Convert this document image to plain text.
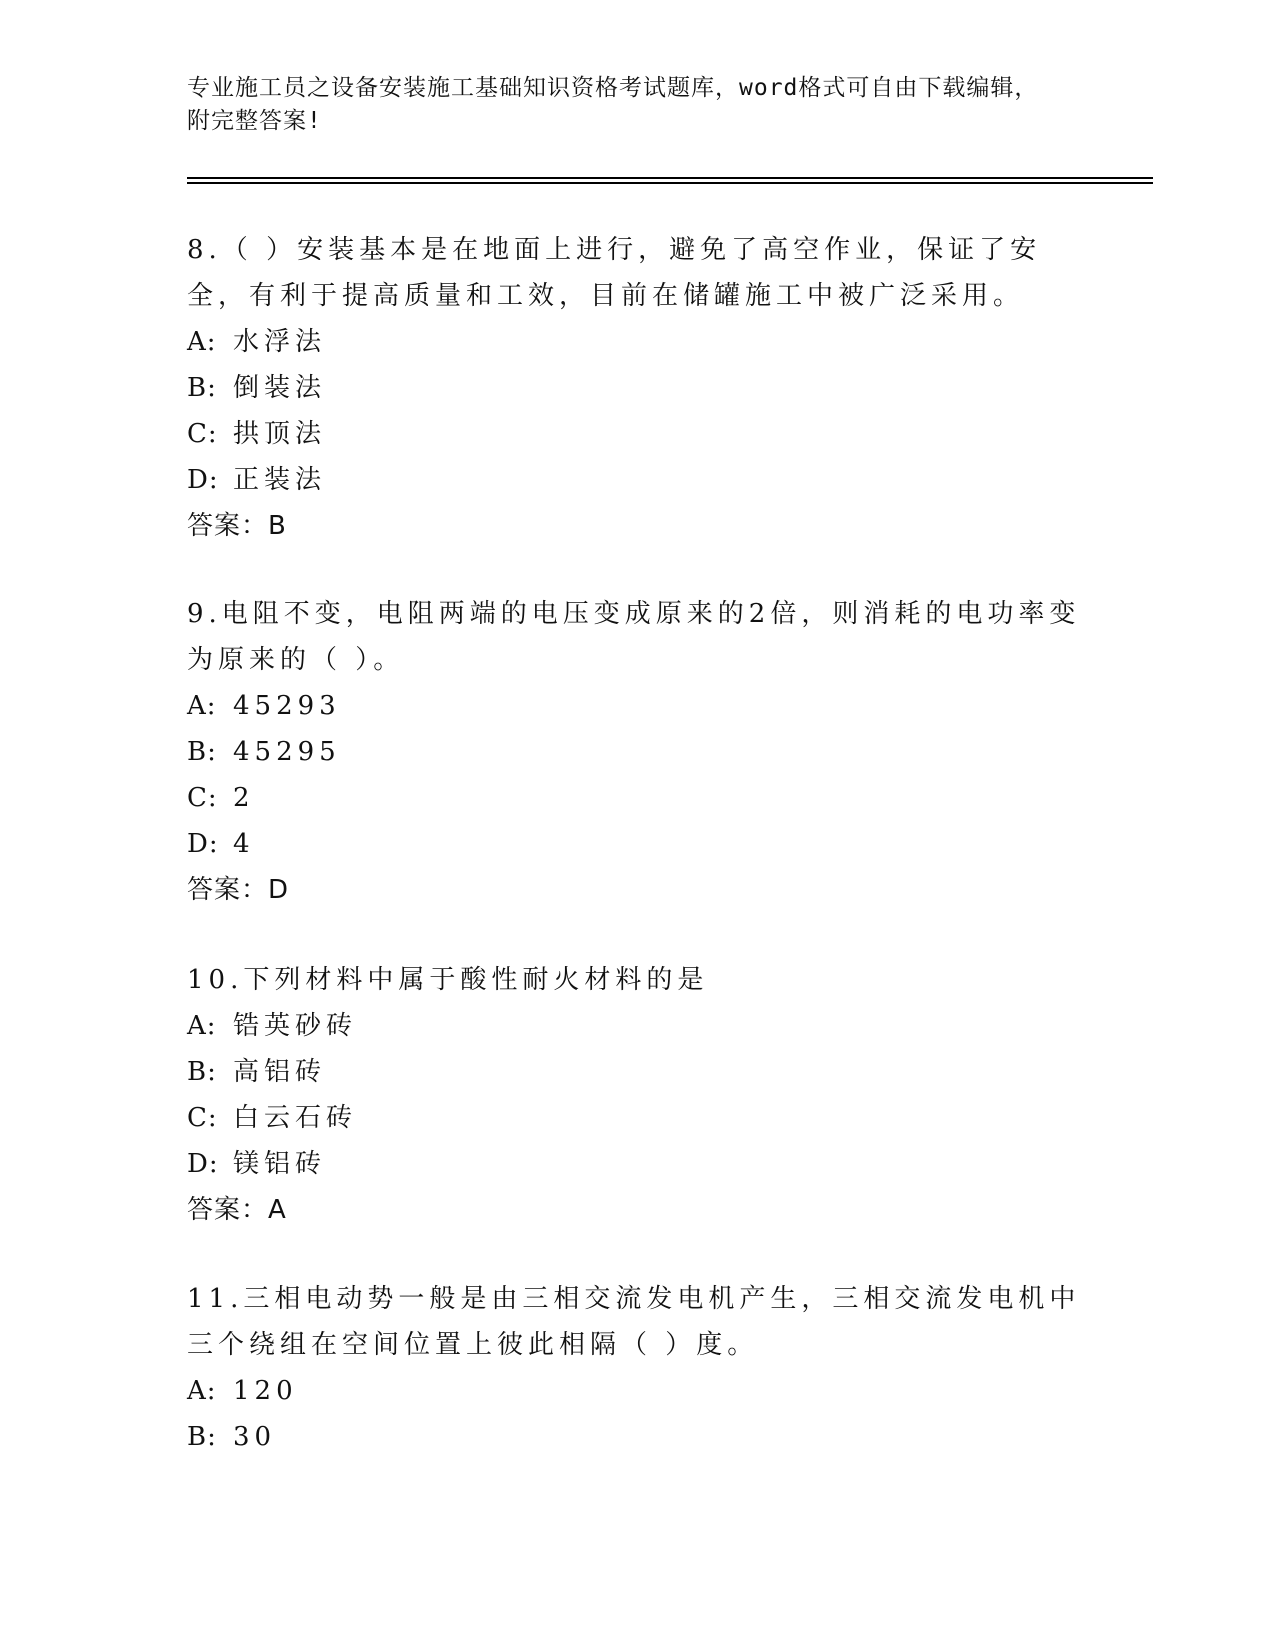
专业施工员之设备安装施工基础知识资格考试题库，word格式可自由下载编辑，
附完整答案!
8.（ ）安装基本是在地面上进行，避免了高空作业，保证了安全，有利于提高质量和工效，目前在储罐施工中被广泛采用。
A: 水浮法
B: 倒装法
C: 拱顶法
D: 正装法
答案：B
9.电阻不变，电阻两端的电压变成原来的2倍，则消耗的电功率变为原来的（ ）。
A: 45293
B: 45295
C: 2
D: 4
答案：D
10.下列材料中属于酸性耐火材料的是
A: 锆英砂砖
B: 高铝砖
C: 白云石砖
D: 镁铝砖
答案：A
11.三相电动势一般是由三相交流发电机产生，三相交流发电机中三个绕组在空间位置上彼此相隔（ ）度。
A: 120
B: 30
